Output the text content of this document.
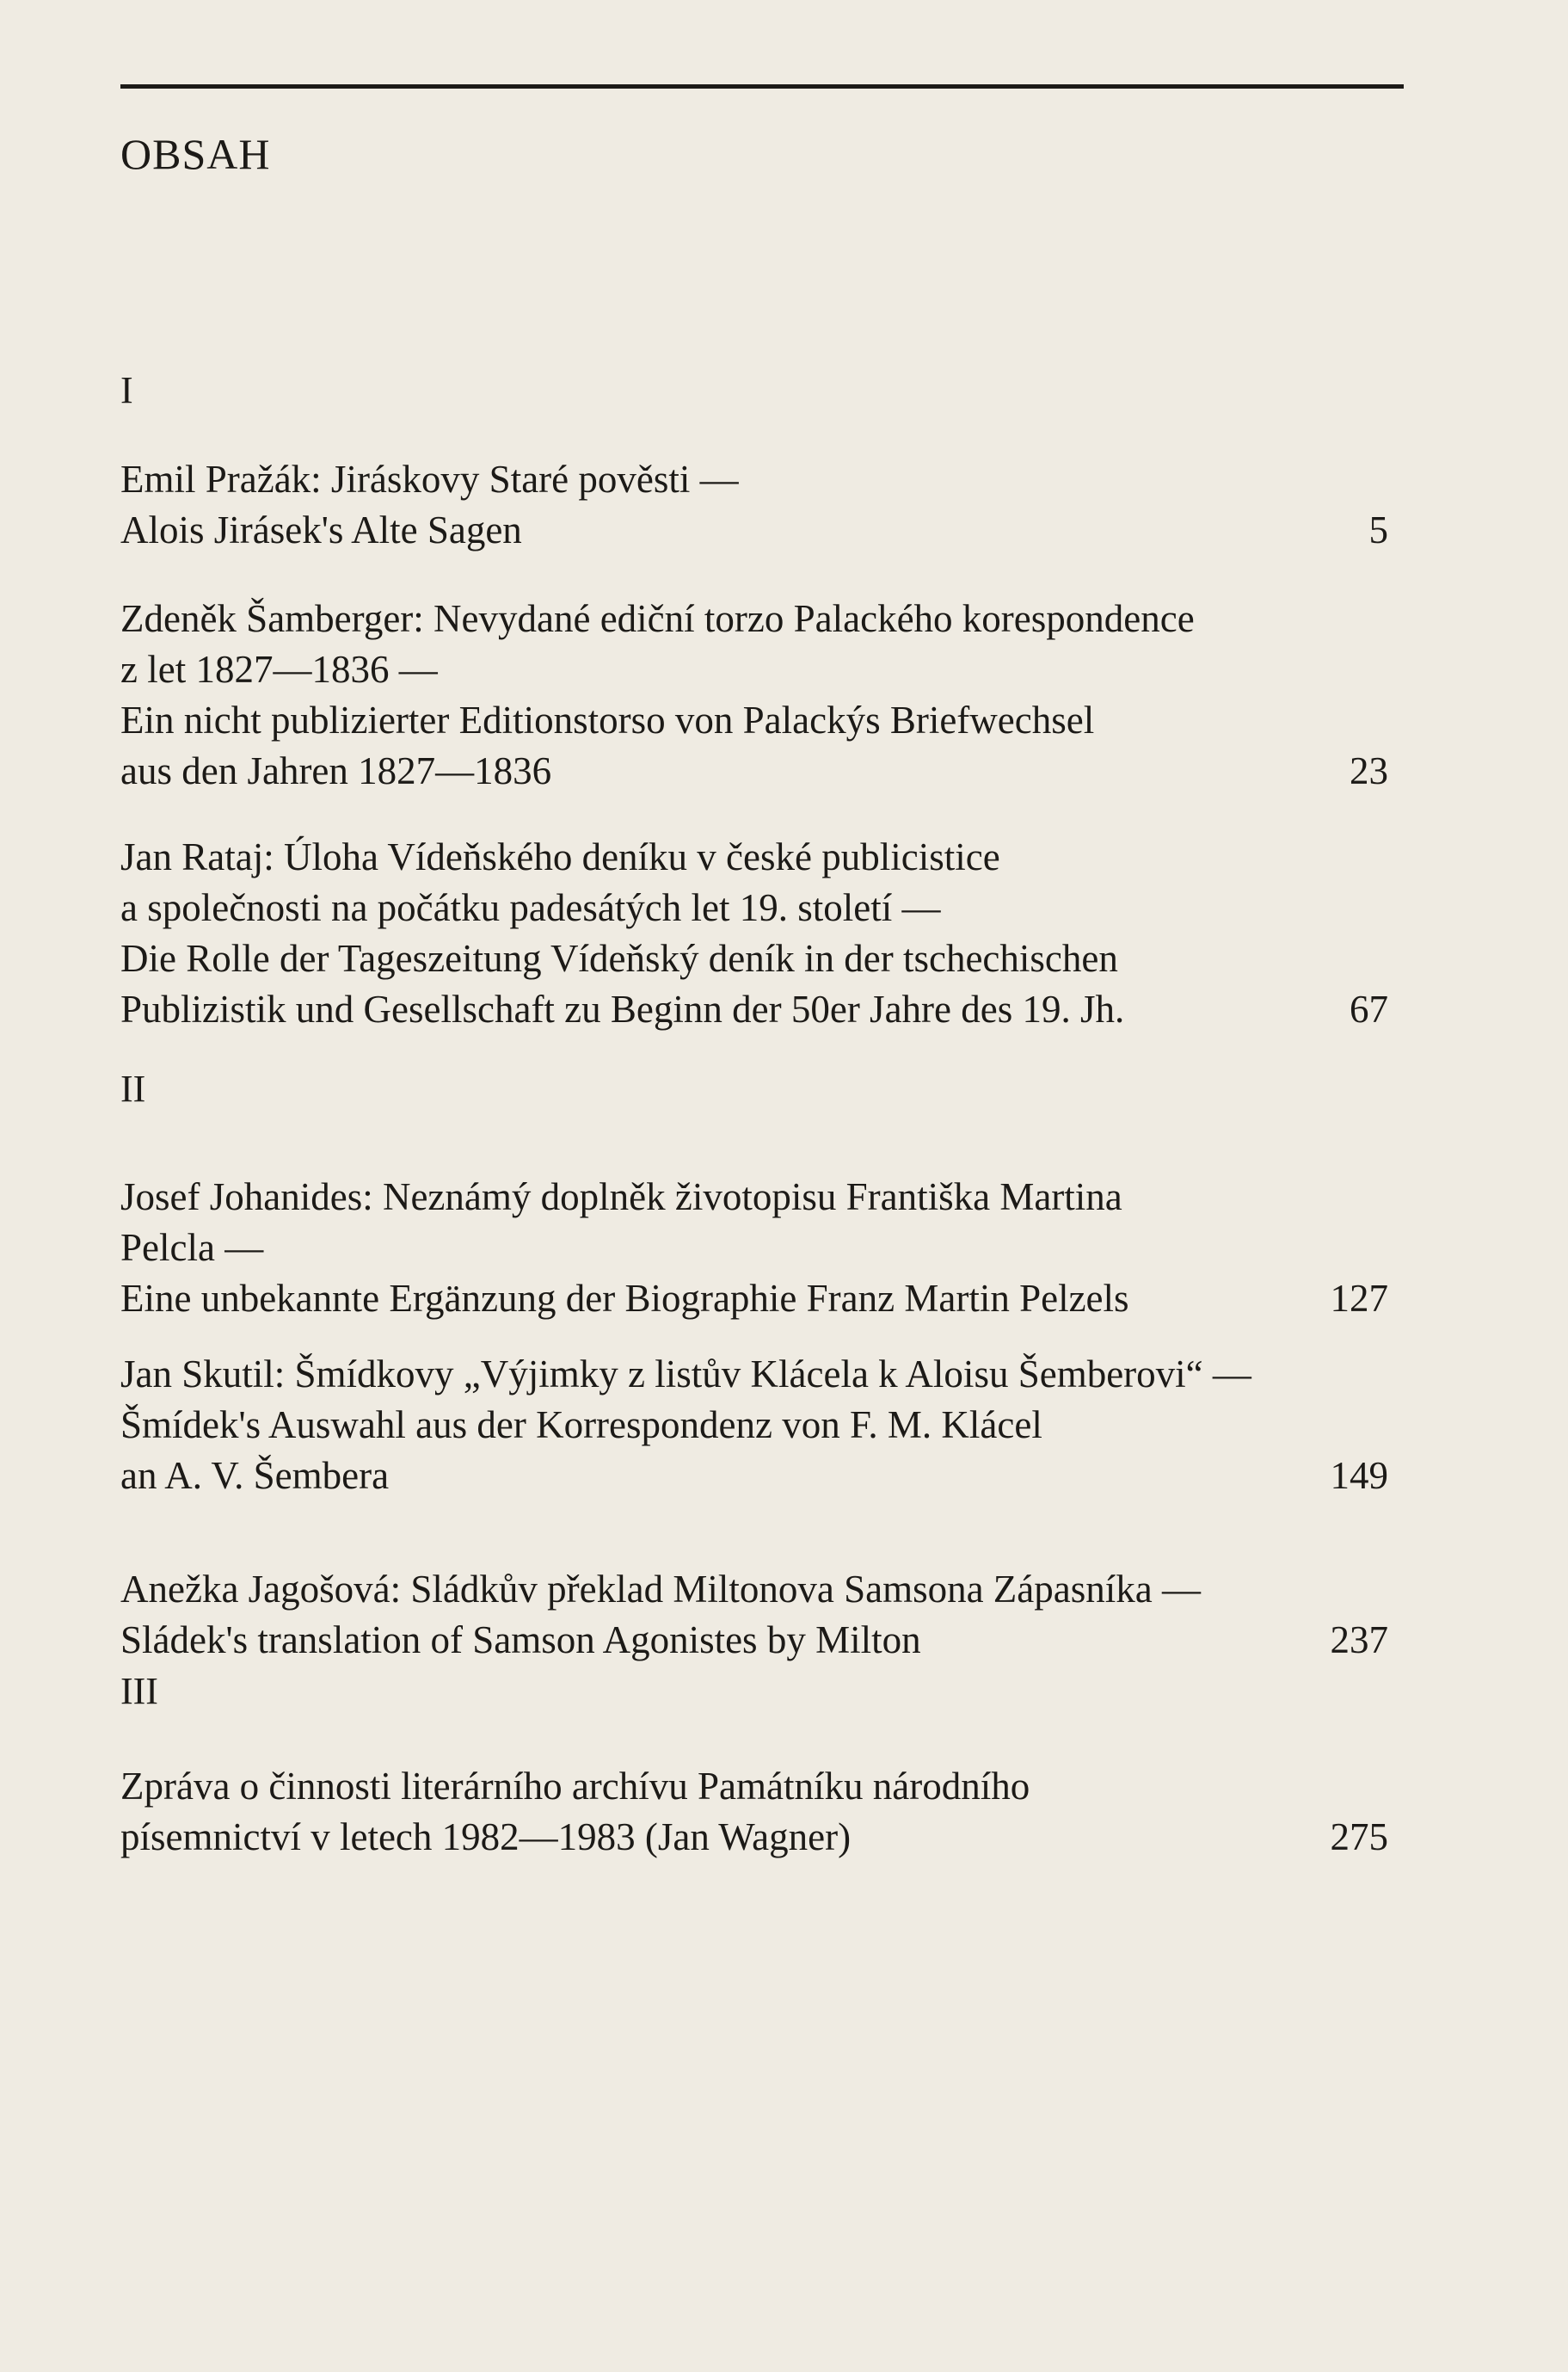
OBSAH
I
Emil Pražák: Jiráskovy Staré pověsti —
Alois Jirásek's Alte Sagen	5
Zdeněk Šamberger: Nevydané ediční torzo Palackého korespondence
z let 1827—1836 —
Ein nicht publizierter Editionstorso von Palackýs Briefwechsel
aus den Jahren 1827—1836	23
Jan Rataj: Úloha Vídeňského deníku v české publicistice
a společnosti na počátku padesátých let 19. století —
Die Rolle der Tageszeitung Vídeňský deník in der tschechischen
Publizistik und Gesellschaft zu Beginn der 50er Jahre des 19. Jh.	67
II
Josef Johanides: Neznámý doplněk životopisu Františka Martina
Pelcla —
Eine unbekannte Ergänzung der Biographie Franz Martin Pelzels	127
Jan Skutil: Šmídkovy „Výjimky z listův Klácela k Aloisu Šemberovi“ —
Šmídek's Auswahl aus der Korrespondenz von F. M. Klácel
an A. V. Šembera	149
Anežka Jagošová: Sládkův překlad Miltonova Samsona Zápasníka —
Sládek's translation of Samson Agonistes by Milton	237
III
Zpráva o činnosti literárního archívu Památníku národního
písemnictví v letech 1982—1983 (Jan Wagner)	275
